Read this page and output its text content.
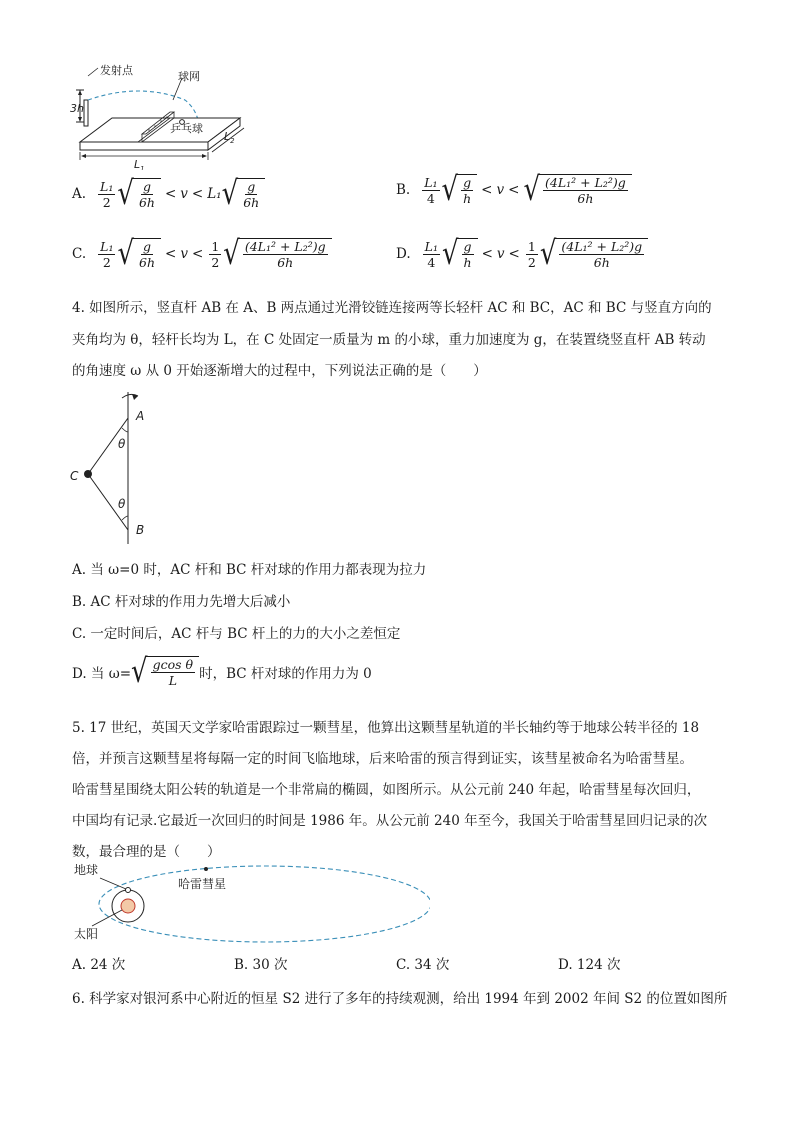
发射点	球网
乒乓球
3h
$L_1$
$L_2$
A. $\frac{\text{L₁}}{2}$ √ $\frac{g}{6h} < v < L_1$ √ $\frac{g}{6h}$	B. $\frac{\text{L₁}}{4}$ √ $\frac{g}{h} < v$ < √ $\frac{\text{(4L₁² + L₂²)g}}{6h}$
C. $\frac{\text{L₁}}{2}$ √ $\frac{g}{6h} < v < \frac{1}{2}$ √ $\frac{\text{(4L₁² + L₂²)g}}{6h}$	D. $\frac{\text{L₁}}{4}$ √ $\frac{g}{h} < v < \frac{1}{2}$ √ $\frac{\text{(4L₁² + L₂²)g}}{6h}$
4. 如图所示，竖直杆 AB 在 A、B 两点通过光滑铰链连接两等长轻杆 AC 和 BC，AC 和 BC 与竖直方向的
夹角均为 θ，轻杆长均为 L，在 C 处固定一质量为 m 的小球，重力加速度为 g，在装置绕竖直杆 AB 转动
的角速度 ω 从 0 开始逐渐增大的过程中，下列说法正确的是（　　）
A
B
C
θ
θ
A. 当 ω=0 时，AC 杆和 BC 杆对球的作用力都表现为拉力
B. AC 杆对球的作用力先增大后减小
C. 一定时间后，AC 杆与 BC 杆上的力的大小之差恒定
D. 当 ω= √ $\frac{\text{gcos θ}}{L}$ 时，BC 杆对球的作用力为 0
5. 17 世纪，英国天文学家哈雷跟踪过一颗彗星，他算出这颗彗星轨道的半长轴约等于地球公转半径的 18
倍，并预言这颗彗星将每隔一定的时间飞临地球，后来哈雷的预言得到证实，该彗星被命名为哈雷彗星。
哈雷彗星围绕太阳公转的轨道是一个非常扁的椭圆，如图所示。从公元前 240 年起，哈雷彗星每次回归，
中国均有记录.它最近一次回归的时间是 1986 年。从公元前 240 年至今，我国关于哈雷彗星回归记录的次
数，最合理的是（　　）
地球
哈雷彗星
太阳
A. 24 次	B. 30 次	C. 34 次	D. 124 次
6. 科学家对银河系中心附近的恒星 S2 进行了多年的持续观测，给出 1994 年到 2002 年间 S2 的位置如图所
